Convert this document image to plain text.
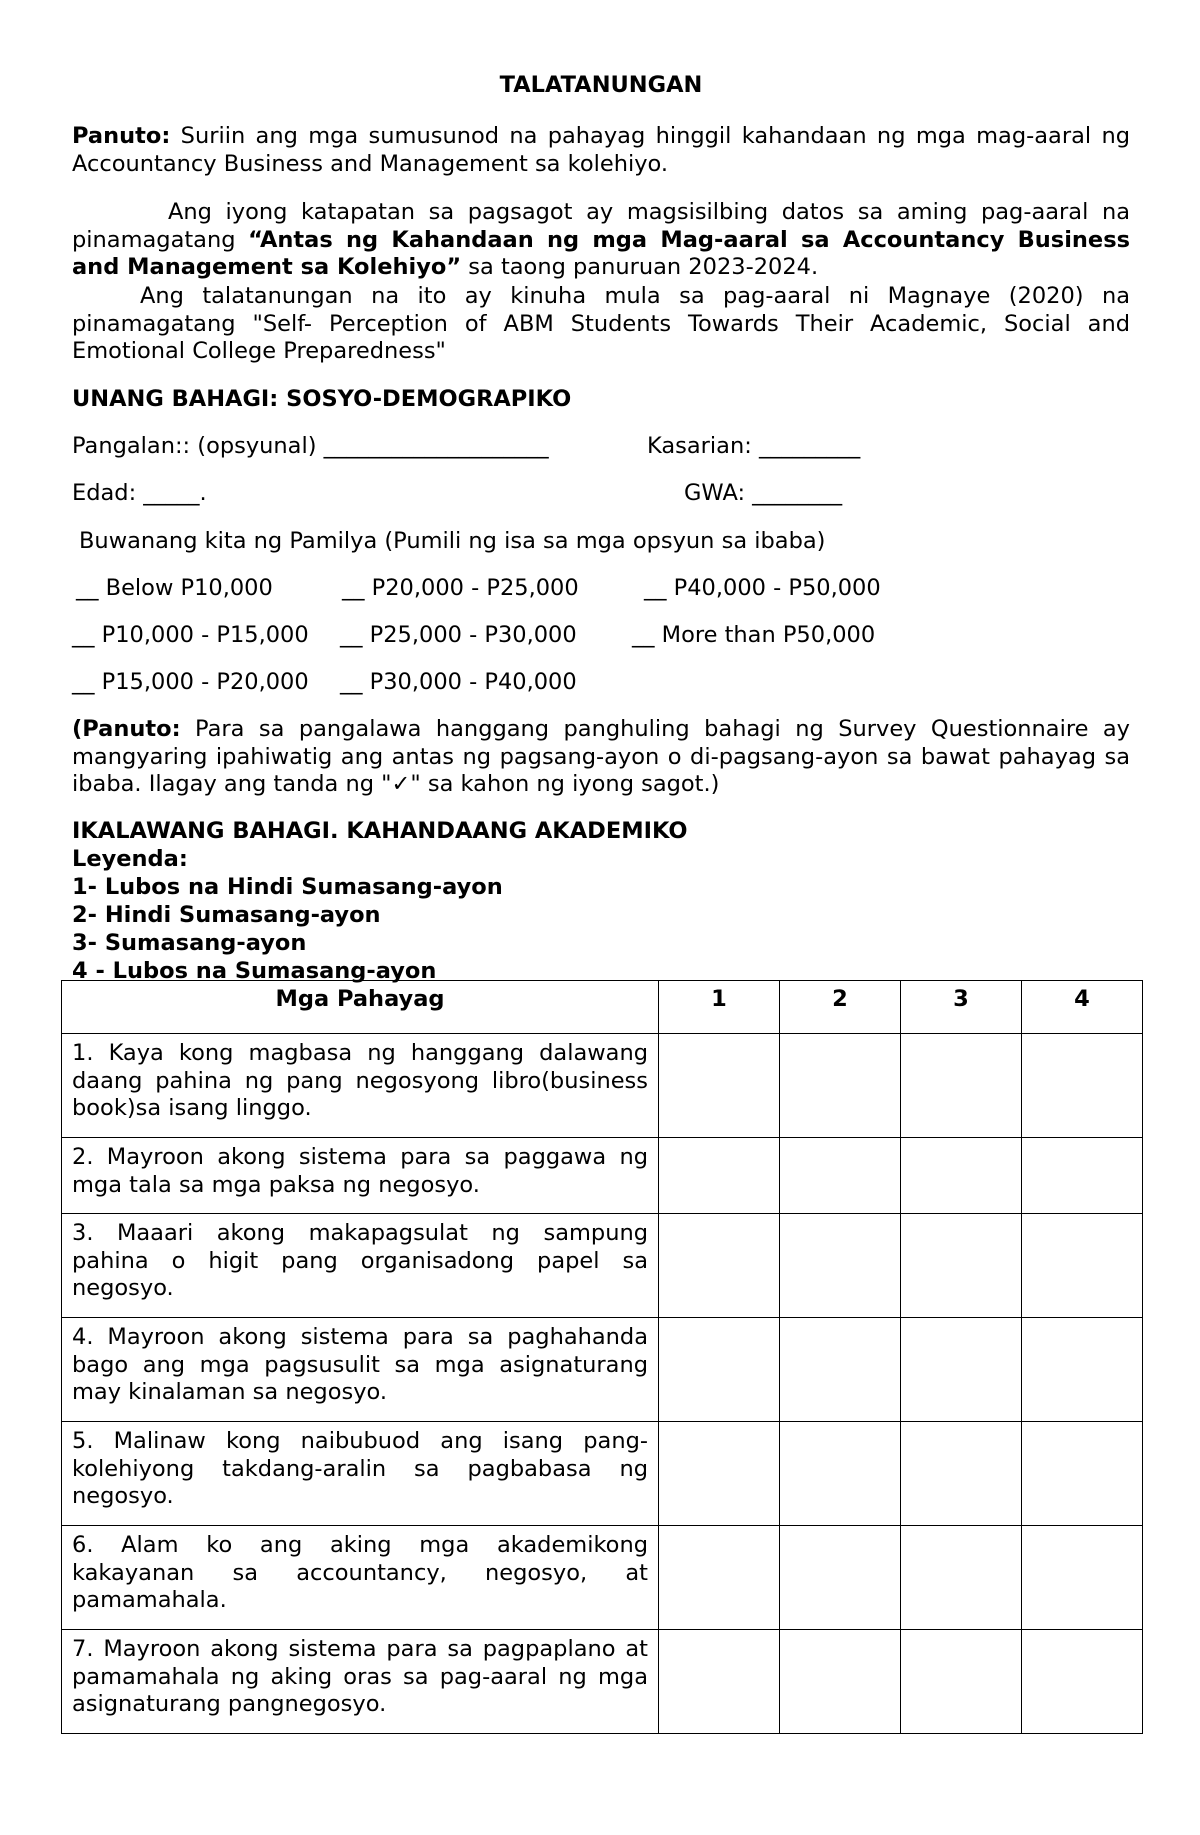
TALATANUNGAN
Panuto: Suriin ang mga sumusunod na pahayag hinggil kahandaan ng mga mag-aaral ng Accountancy Business and Management sa kolehiyo.
Ang iyong katapatan sa pagsagot ay magsisilbing datos sa aming pag-aaral na pinamagatang “Antas ng Kahandaan ng mga Mag-aaral sa Accountancy Business and Management sa Kolehiyo” sa taong panuruan 2023-2024.
Ang talatanungan na ito ay kinuha mula sa pag-aaral ni Magnaye (2020) na pinamagatang "Self- Perception of ABM Students Towards Their Academic, Social and Emotional College Preparedness"
UNANG BAHAGI: SOSYO-DEMOGRAPIKO
Pangalan:: (opsyunal) ____________________	Kasarian: _________
Edad: _____.	GWA: ________
Buwanang kita ng Pamilya (Pumili ng isa sa mga opsyun sa ibaba)
__ Below P10,000	__ P20,000 - P25,000	__ P40,000 - P50,000
__ P10,000 - P15,000 __ P25,000 - P30,000 __ More than P50,000
__ P15,000 - P20,000 __ P30,000 - P40,000
(Panuto: Para sa pangalawa hanggang panghuling bahagi ng Survey Questionnaire ay mangyaring ipahiwatig ang antas ng pagsang-ayon o di-pagsang-ayon sa bawat pahayag sa ibaba. Ilagay ang tanda ng "✓" sa kahon ng iyong sagot.)
IKALAWANG BAHAGI. KAHANDAANG AKADEMIKO
Leyenda:
1- Lubos na Hindi Sumasang-ayon
2- Hindi Sumasang-ayon
3- Sumasang-ayon
4 - Lubos na Sumasang-ayon
Mga Pahayag	1	2	3	4
1. Kaya kong magbasa ng hanggang dalawang daang pahina ng pang negosyong libro(business book)sa isang linggo.				
2. Mayroon akong sistema para sa paggawa ng mga tala sa mga paksa ng negosyo.				
3. Maaari akong makapagsulat ng sampung pahina o higit pang organisadong papel sa negosyo.				
4. Mayroon akong sistema para sa paghahanda bago ang mga pagsusulit sa mga asignaturang may kinalaman sa negosyo.				
5. Malinaw kong naibubuod ang isang pang-kolehiyong takdang-aralin sa pagbabasa ng negosyo.				
6. Alam ko ang aking mga akademikong kakayanan sa accountancy, negosyo, at pamamahala.				
7. Mayroon akong sistema para sa pagpaplano at pamamahala ng aking oras sa pag-aaral ng mga asignaturang pangnegosyo.				
